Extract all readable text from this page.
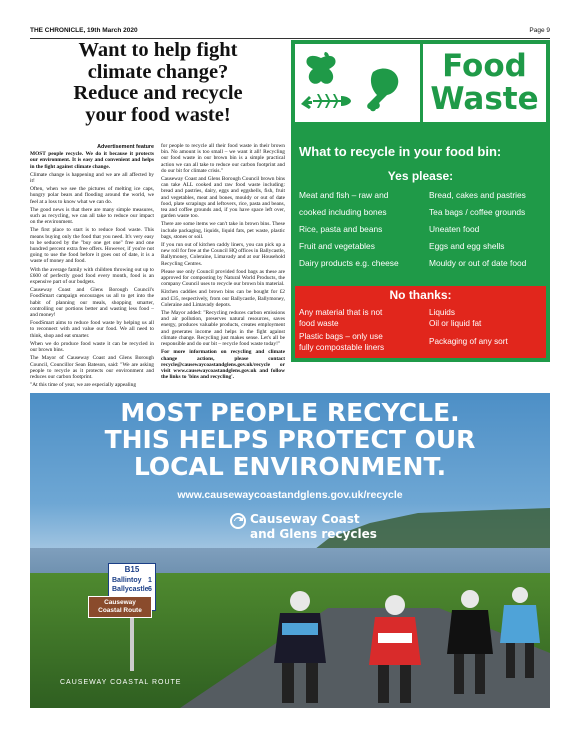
THE CHRONICLE, 19th March 2020	Page 9
Want to help fight
climate change?
Reduce and recycle
your food waste!
Advertisement feature

MOST people recycle. We do it because it protects our environment. It is easy and convenient and helps in the fight against climate change.

Climate change is happening and we are all affected by it!

Often, when we see the pictures of melting ice caps, hungry polar bears and flooding around the world, we feel at a loss to know what we can do.

The good news is that there are many simple measures, such as recycling, we can all take to reduce our impact on the environment.

The first place to start is to reduce food waste. This means buying only the food that you need. It's very easy to be seduced by the "buy one get one" free and one hundred percent extra free offers. However, if you're not going to use the food before it goes out of date, it is a waste of money and food.

With the average family with children throwing out up to £600 of perfectly good food every month, food is an expensive part of our budgets.

Causeway Coast and Glens Borough Council's FoodSmart campaign encourages us all to get into the habit of planning our meals, shopping smarter, controlling our portions better and wasting less food – and money!

FoodSmart aims to reduce food waste by helping us all to reconnect with and value our food. We all need to think, shop and eat smarter.

When we do produce food waste it can be recycled in our brown bins.

The Mayor of Causeway Coast and Glens Borough Council, Councillor Sean Bateson, said: "We are asking people to recycle as it protects our environment and reduces our carbon footprint.

"At this time of year, we are especially appealing

for people to recycle all their food waste in their brown bin. No amount is too small – we want it all! Recycling our food waste in our brown bin is a simple practical action we can all take to reduce our carbon footprint and do our bit for climate crisis."

Causeway Coast and Glens Borough Council brown bins can take ALL cooked and raw food waste including: bread and pastries, dairy, eggs and eggshells, fish, fruit and vegetables, meat and bones, mouldy or out of date food, plate scrapings and leftovers, rice, pasta and beans, tea and coffee grounds and, if you have space left over, garden waste too.

There are some items we can't take in brown bins. These include packaging, liquids, liquid fats, pet waste, plastic bags, stones or soil.

If you run out of kitchen caddy liners, you can pick up a new roll for free at the Council HQ offices in Ballycastle, Ballymoney, Coleraine, Limavady and at our Household Recycling Centres.

Please use only Council provided food bags as these are approved for composting by Natural World Products, the company Council uses to recycle our brown bin material.

Kitchen caddies and brown bins can be bought for £2 and £35, respectively, from our Ballycastle, Ballymoney, Coleraine and Limavady depots.

The Mayor added: "Recycling reduces carbon emissions and air pollution, preserves natural resources, saves energy, produces valuable products, creates employment and generates income and helps in the fight against climate change. Recycling just makes sense. Let's all be responsible and do our bit – recycle food waste today!"

For more information on recycling and climate change actions, please contact recycle@causewaycoastandglens.gov.uk/recycle or visit www.causewaycoastandglens.gov.uk and follow the links to 'bins and recycling'.

Food
Waste
What to recycle in your food bin:
Yes please:
Meat and fish – raw and
cooked including bones
Rice, pasta and beans
Fruit and vegetables
Dairy products e.g. cheese
Bread, cakes and pastries
Tea bags / coffee grounds
Uneaten food
Eggs and egg shells
Mouldy or out of date food
No thanks:
Any material that is not
food waste
Plastic bags – only use
fully compostable liners
Liquids
Oil or liquid fat
Packaging of any sort
MOST PEOPLE RECYCLE.
THIS HELPS PROTECT OUR
LOCAL ENVIRONMENT.
www.causewaycoastandglens.gov.uk/recycle
Causeway Coast
and Glens recycles
B15
Ballintoy 1
Ballycastle 6
Causeway
Coastal Route
CAUSEWAY COASTAL ROUTE
